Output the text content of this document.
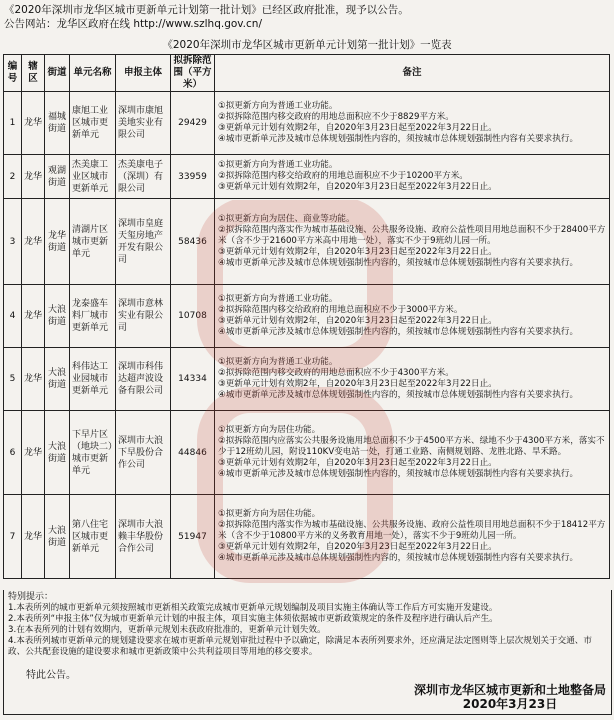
《2020年深圳市龙华区城市更新单元计划第一批计划》已经区政府批准，现予以公告。
公告网站：龙华区政府在线 http://www.szlhq.gov.cn/
《2020年深圳市龙华区城市更新单元计划第一批计划》一览表
编号	辖区	街道	单元名称	申报主体	拟拆除范围（平方米）	备注
1	龙华	福城街道	康旭工业区城市更新单元	深圳市康旭美地实业有限公司	29429	①拟更新方向为普通工业功能。
②拟拆除范围内移交政府的用地总面积应不少于8829平方米。
③更新单元计划有效期2年，自2020年3月23日起至2022年3月22日止。
④城市更新单元涉及城市总体规划强制性内容的，须按城市总体规划强制性内容有关要求执行。

2	龙华	观湖街道	杰美康工业区城市更新单元	杰美康电子（深圳）有限公司	33959	①拟更新方向为普通工业功能。
②拟拆除范围内移交给政府的用地总面积应不少于10200平方米。
③更新单元计划有效期2年，自2020年3月23日起至2022年3月22日止。

3	龙华	龙华街道	清湖片区城市更新单元	深圳市皇庭天玺房地产开发有限公司	58436	①拟更新方向为居住、商业等功能。
②拟拆除范围内落实作为城市基础设施、公共服务设施、政府公益性项目用地总面积不少于28400平方米（含不少于21600平方米高中用地一处），落实不少于9班幼儿园一所。
③更新单元计划有效期2年，自2020年3月23日起至2022年3月22日止。
④城市更新单元涉及城市总体规划强制性内容的，须按城市总体规划强制性内容有关要求执行。

4	龙华	大浪街道	龙泰盛车料厂城市更新单元	深圳市意林实业有限公司	10708	①拟更新方向为普通工业功能。
②拟拆除范围内移交给政府的用地总面积应不少于3000平方米。
③更新单元计划有效期2年，自2020年3月23日起至2022年3月22日止。
④城市更新单元涉及城市总体规划强制性内容的，须按城市总体规划强制性内容有关要求执行。

5	龙华	大浪街道	科伟达工业园城市更新单元	深圳市科伟达超声波设备有限公司	14334	①拟更新方向为普通工业功能。
②拟拆除范围内移交政府的用地总面积应不少于4300平方米。
③更新单元计划有效期2年，自2020年3月23日起至2022年3月22日止。
④城市更新单元涉及城市总体规划强制性内容的，须按城市总体规划强制性内容有关要求执行。

6	龙华	大浪街道	下早片区（地块二）城市更新单元	深圳市大浪下早股份合作公司	44846	①拟更新方向为居住功能。
②拟拆除范围内应落实公共服务设施用地总面积不少于4500平方米、绿地不少于4300平方米，落实不少于12班幼儿园，附设110KV变电站一处，打通工业路、南侧规划路、龙胜北路、旱禾路。
③更新单元计划有效期2年，自2020年3月23日起至2022年3月22日止。
④城市更新单元涉及城市总体规划强制性内容的，须按城市总体规划强制性内容有关要求执行。

7	龙华	大浪街道	第八住宅区城市更新单元	深圳市大浪赖丰华股份合作公司	51947	①拟更新方向为居住功能。
②拟拆除范围内落实作为城市基础设施、公共服务设施、政府公益性项目用地总面积不少于18412平方米（含不少于10800平方米的义务教育用地一处），落实不少于9班幼儿园一所。
③更新单元计划有效期2年，自2020年3月23日起至2022年3月22日止。
④城市更新单元涉及城市总体规划强制性内容的，须按城市总体规划强制性内容有关要求执行。
特别提示：
1.本表所列的城市更新单元须按照城市更新相关政策完成城市更新单元规划编制及项目实施主体确认等工作后方可实施开发建设。
2.本表所列“申报主体”仅为城市更新单元计划的申报主体，项目实施主体须依据城市更新政策规定的条件及程序进行确认后产生。
3.在本表所列的计划有效期内，更新单元规划未获政府批准的，更新单元计划失效。
4.本表所列城市更新单元的规划建设要求在城市更新单元规划审批过程中予以确定，除满足本表所列要求外，还应满足法定图则等上层次规划关于交通、市政、公共配套设施的建设要求和城市更新政策中公共利益项目等用地的移交要求。
特此公告。
深圳市龙华区城市更新和土地整备局
2020年3月23日
